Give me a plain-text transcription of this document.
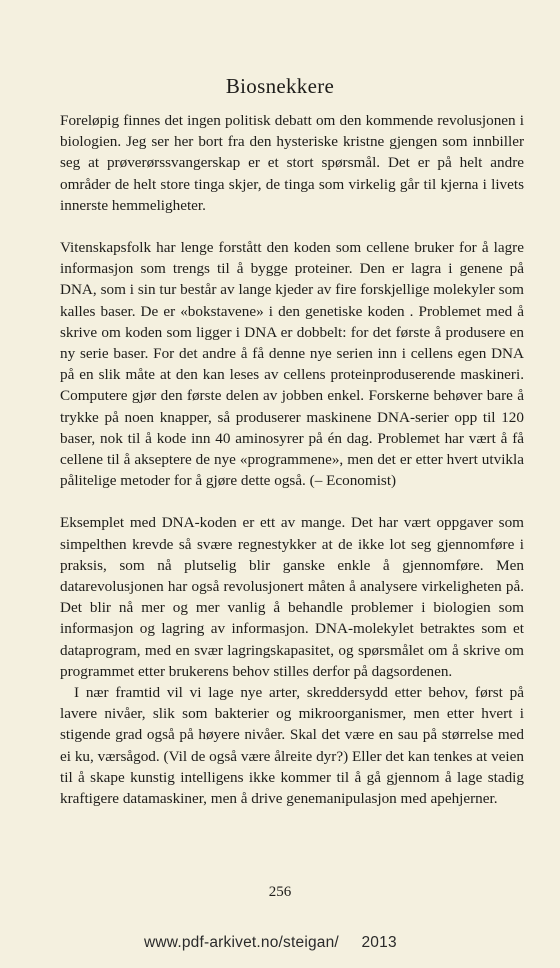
Biosnekkere

Foreløpig finnes det ingen politisk debatt om den kommende revolusjonen i biologien. Jeg ser her bort fra den hysteriske kristne gjengen som innbiller seg at prøverørssvangerskap er et stort spørsmål. Det er på helt andre områder de helt store tinga skjer, de tinga som virkelig går til kjerna i livets innerste hemmeligheter.

Vitenskapsfolk har lenge forstått den koden som cellene bruker for å lagre informasjon som trengs til å bygge proteiner. Den er lagra i genene på DNA, som i sin tur består av lange kjeder av fire forskjellige molekyler som kalles baser. De er «bokstavene» i den genetiske koden . Problemet med å skrive om koden som ligger i DNA er dobbelt: for det første å produsere en ny serie baser. For det andre å få denne nye serien inn i cellens egen DNA på en slik måte at den kan leses av cellens proteinproduserende maskineri. Computere gjør den første delen av jobben enkel. Forskerne behøver bare å trykke på noen knapper, så produserer maskinene DNA-serier opp til 120 baser, nok til å kode inn 40 aminosyrer på én dag. Problemet har vært å få cellene til å akseptere de nye «programmene», men det er etter hvert utvikla pålitelige metoder for å gjøre dette også. (– Economist)

Eksemplet med DNA-koden er ett av mange. Det har vært oppgaver som simpelthen krevde så svære regnestykker at de ikke lot seg gjennomføre i praksis, som nå plutselig blir ganske enkle å gjennomføre. Men datarevolusjonen har også revolusjonert måten å analysere virkeligheten på. Det blir nå mer og mer vanlig å behandle problemer i biologien som informasjon og lagring av informasjon. DNA-molekylet betraktes som et dataprogram, med en svær lagringskapasitet, og spørsmålet om å skrive om programmet etter brukerens behov stilles derfor på dagsordenen.

I nær framtid vil vi lage nye arter, skreddersydd etter behov, først på lavere nivåer, slik som bakterier og mikroorganismer, men etter hvert i stigende grad også på høyere nivåer. Skal det være en sau på størrelse med ei ku, værsågod. (Vil de også være ålreite dyr?) Eller det kan tenkes at veien til å skape kunstig intelligens ikke kommer til å gå gjennom å lage stadig kraftigere datamaskiner, men å drive genemanipulasjon med apehjerner.

256
www.pdf-arkivet.no/steigan/ 2013
